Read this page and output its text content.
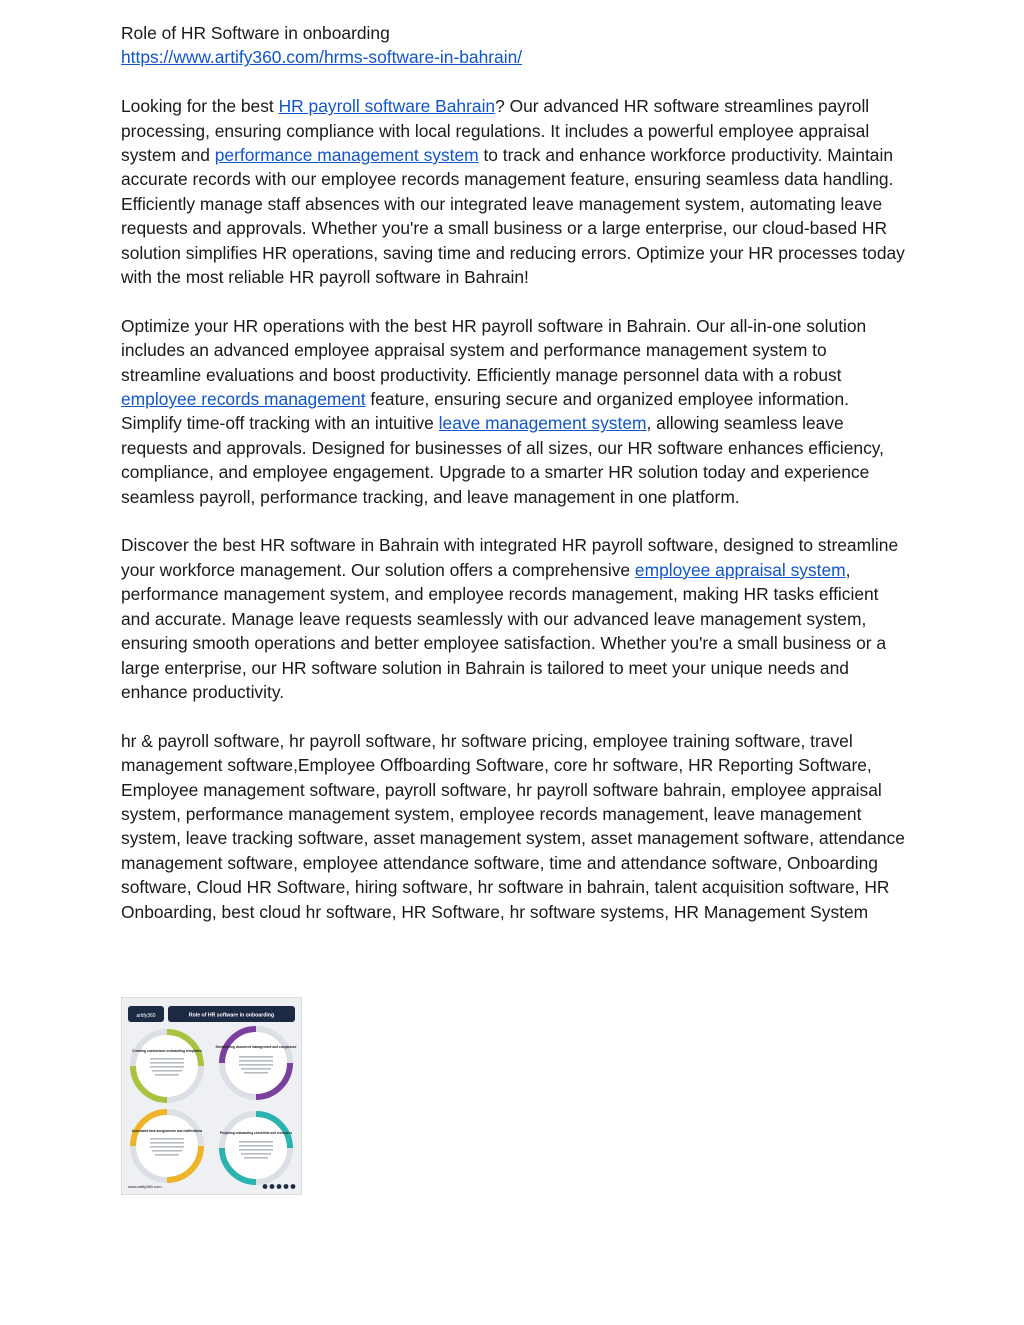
Role of HR Software in onboarding

https://www.artify360.com/hrms-software-in-bahrain/

Looking for the best HR payroll software Bahrain? Our advanced HR software streamlines payroll processing, ensuring compliance with local regulations. It includes a powerful employee appraisal system and performance management system to track and enhance workforce productivity. Maintain accurate records with our employee records management feature, ensuring seamless data handling. Efficiently manage staff absences with our integrated leave management system, automating leave requests and approvals. Whether you're a small business or a large enterprise, our cloud-based HR solution simplifies HR operations, saving time and reducing errors. Optimize your HR processes today with the most reliable HR payroll software in Bahrain!

Optimize your HR operations with the best HR payroll software in Bahrain. Our all-in-one solution includes an advanced employee appraisal system and performance management system to streamline evaluations and boost productivity. Efficiently manage personnel data with a robust employee records management feature, ensuring secure and organized employee information. Simplify time-off tracking with an intuitive leave management system, allowing seamless leave requests and approvals. Designed for businesses of all sizes, our HR software enhances efficiency, compliance, and employee engagement. Upgrade to a smarter HR solution today and experience seamless payroll, performance tracking, and leave management in one platform.

Discover the best HR software in Bahrain with integrated HR payroll software, designed to streamline your workforce management. Our solution offers a comprehensive employee appraisal system, performance management system, and employee records management, making HR tasks efficient and accurate. Manage leave requests seamlessly with our advanced leave management system, ensuring smooth operations and better employee satisfaction. Whether you're a small business or a large enterprise, our HR software solution in Bahrain is tailored to meet your unique needs and enhance productivity.

hr & payroll software, hr payroll software, hr software pricing, employee training software, travel management software,Employee Offboarding Software, core hr software, HR Reporting Software, Employee management software, payroll software, hr payroll software bahrain, employee appraisal system, performance management system, employee records management, leave management system, leave tracking software, asset management system, asset management software, attendance management software, employee attendance software, time and attendance software, Onboarding software, Cloud HR Software, hiring software, hr software in bahrain, talent acquisition software, HR Onboarding, best cloud hr software, HR Software, hr software systems, HR Management System

artify360	Role of HR software in onboarding
Creating customized onboarding templates
Streamlining document management and compliance
Automated task assignments and notifications	Preparing onboarding checklists and resources
www.artify360.com
